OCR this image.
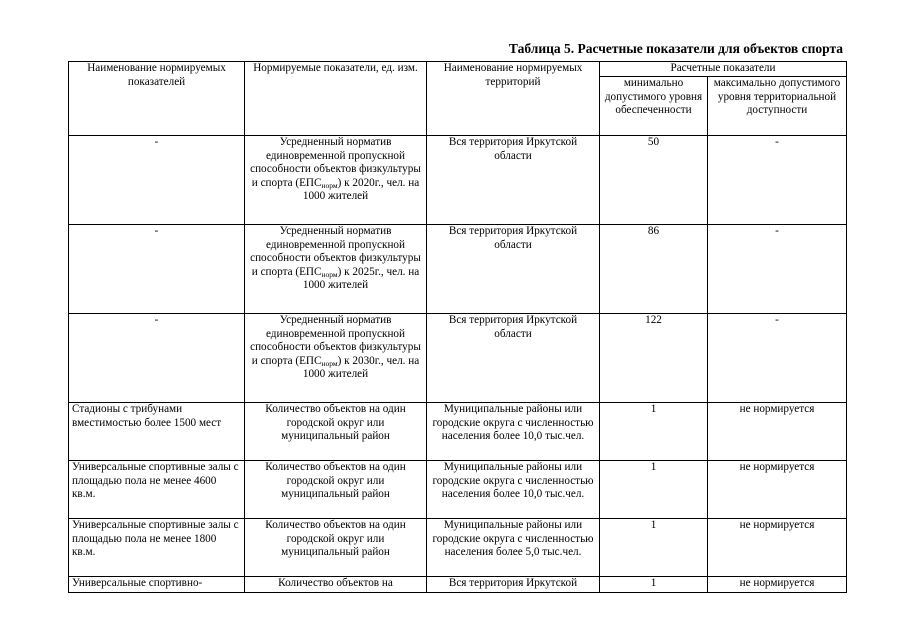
Таблица 5. Расчетные показатели для объектов спорта
Наименование нормируемых показателей	Нормируемые показатели, ед. изм.	Наименование нормируемых территорий	Расчетные показатели	
			минимально допустимого уровня обеспеченности	максимально допустимого уровня территориальной доступности
-	Усредненный норматив единовременной пропускной способности объектов физкультуры и спорта $(ЕПС_{норм})$ к 2020г., чел. на 1000 жителей	Вся территория Иркутской области	50	-
-	Усредненный норматив единовременной пропускной способности объектов физкультуры и спорта $(ЕПС_{норм})$ к 2025г., чел. на 1000 жителей	Вся территория Иркутской области	86	-
-	Усредненный норматив единовременной пропускной способности объектов физкультуры и спорта $(ЕПС_{норм})$ к 2030г., чел. на 1000 жителей	Вся территория Иркутской области	122	-
Стадионы с трибунами вместимостью более 1500 мест	Количество объектов на один городской округ или муниципальный район	Муниципальные районы или городские округа с численностью населения более 10,0 тыс.чел.	1	не нормируется
Универсальные спортивные залы с площадью пола не менее 4600 кв.м.	Количество объектов на один городской округ или муниципальный район	Муниципальные районы или городские округа с численностью населения более 10,0 тыс.чел.	1	не нормируется
Универсальные спортивные залы с площадью пола не менее 1800 кв.м.	Количество объектов на один городской округ или муниципальный район	Муниципальные районы или городские округа с численностью населения более 5,0 тыс.чел.	1	не нормируется
Универсальные спортивно-	Количество объектов на	Вся территория Иркутской	1	не нормируется
